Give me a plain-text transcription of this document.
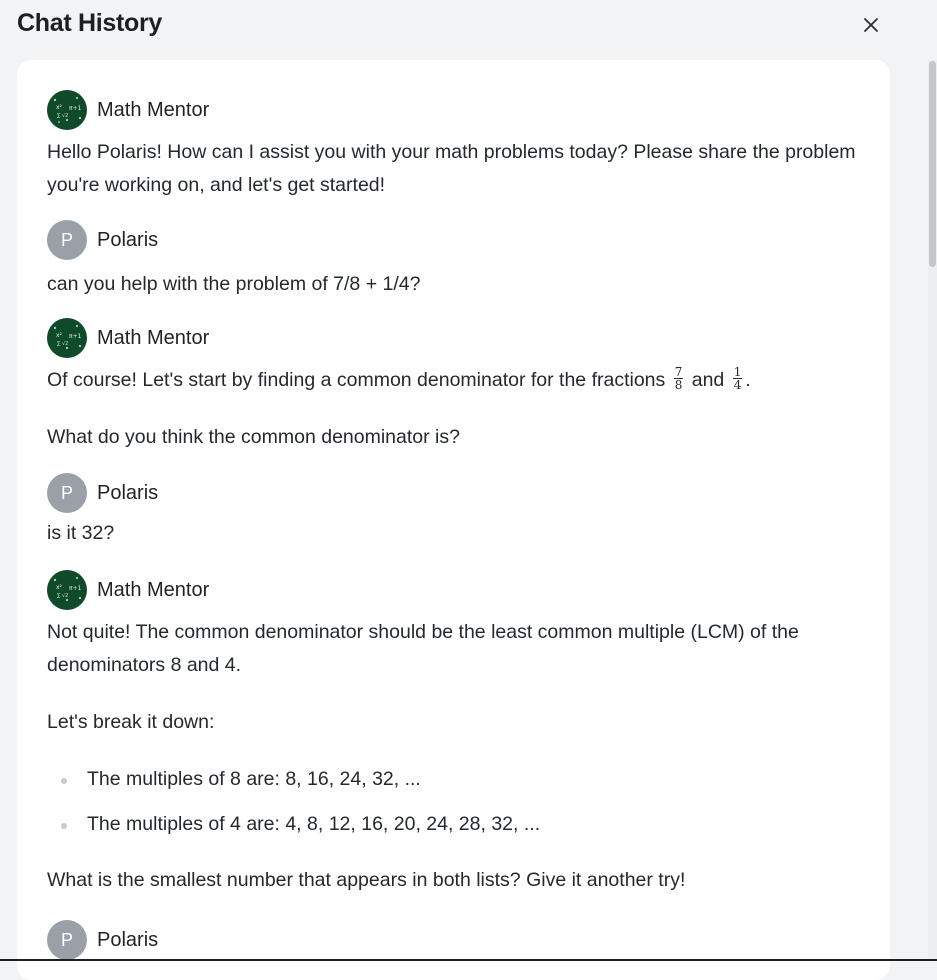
Chat History
x² π+1
∑ √2 Math Mentor

Hello Polaris! How can I assist you with your math problems today? Please share the problem you're working on, and let's get started!

P	Polaris

can you help with the problem of 7/8 + 1/4?

x² π+1
∑ √2 Math Mentor

Of course! Let's start by finding a common denominator for the fractions $\frac{7}{8}$ and $\frac{1}{4}$ .

What do you think the common denominator is?

P	Polaris

is it 32?

x² π+1
∑ √2 Math Mentor

Not quite! The common denominator should be the least common multiple (LCM) of the denominators 8 and 4.

Let's break it down:

The multiples of 8 are: 8, 16, 24, 32, ...
The multiples of 4 are: 4, 8, 12, 16, 20, 24, 28, 32, ...

What is the smallest number that appears in both lists? Give it another try!

P	Polaris
